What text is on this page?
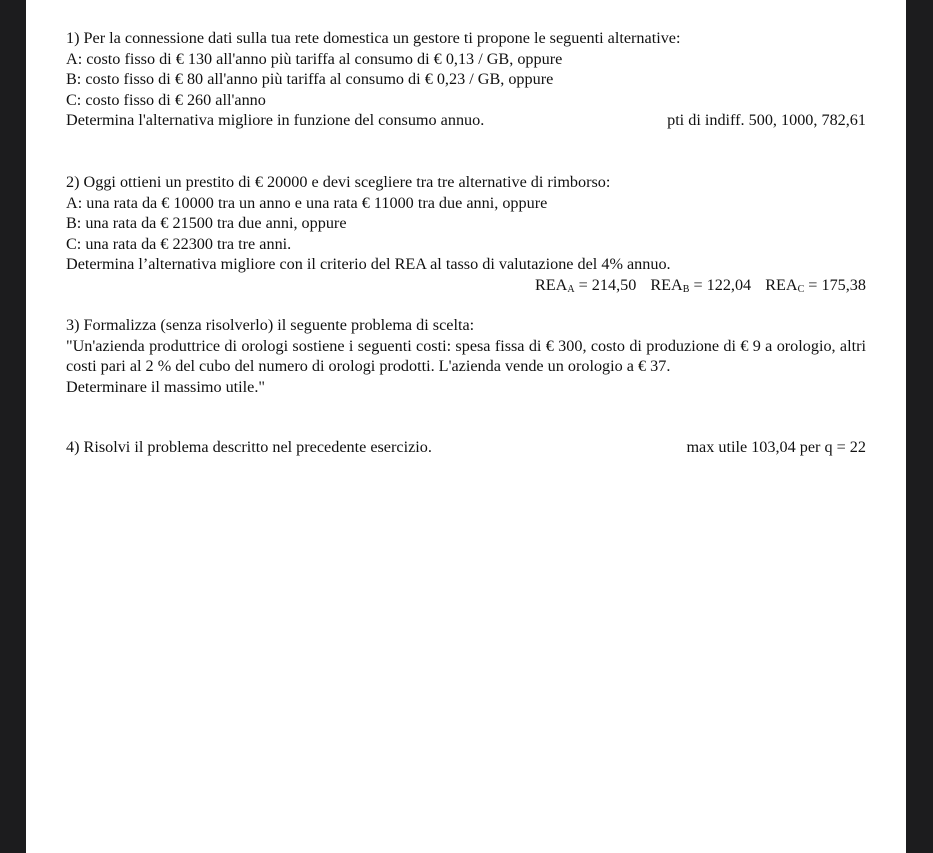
1) Per la connessione dati sulla tua rete domestica un gestore ti propone le seguenti alternative:
A: costo fisso di € 130 all'anno più tariffa al consumo di € 0,13 / GB, oppure
B: costo fisso di € 80 all'anno più tariffa al consumo di € 0,23 / GB, oppure
C: costo fisso di € 260 all'anno
Determina l'alternativa migliore in funzione del consumo annuo.	pti di indiff. 500, 1000, 782,61
2) Oggi ottieni un prestito di € 20000 e devi scegliere tra tre alternative di rimborso:
A: una rata da € 10000 tra un anno e una rata € 11000 tra due anni, oppure
B: una rata da € 21500 tra due anni, oppure
C: una rata da € 22300 tra tre anni.
Determina l’alternativa migliore con il criterio del REA al tasso di valutazione del 4% annuo.
$REA_A = 214,50$ $REA_B = 122,04$ $REA_C = 175,38$
3) Formalizza (senza risolverlo) il seguente problema di scelta:
"Un'azienda produttrice di orologi sostiene i seguenti costi: spesa fissa di € 300, costo di produzione di € 9 a orologio, altri costi pari al 2 % del cubo del numero di orologi prodotti. L'azienda vende un orologio a € 37.
Determinare il massimo utile."
4) Risolvi il problema descritto nel precedente esercizio.	max utile 103,04 per q = 22
